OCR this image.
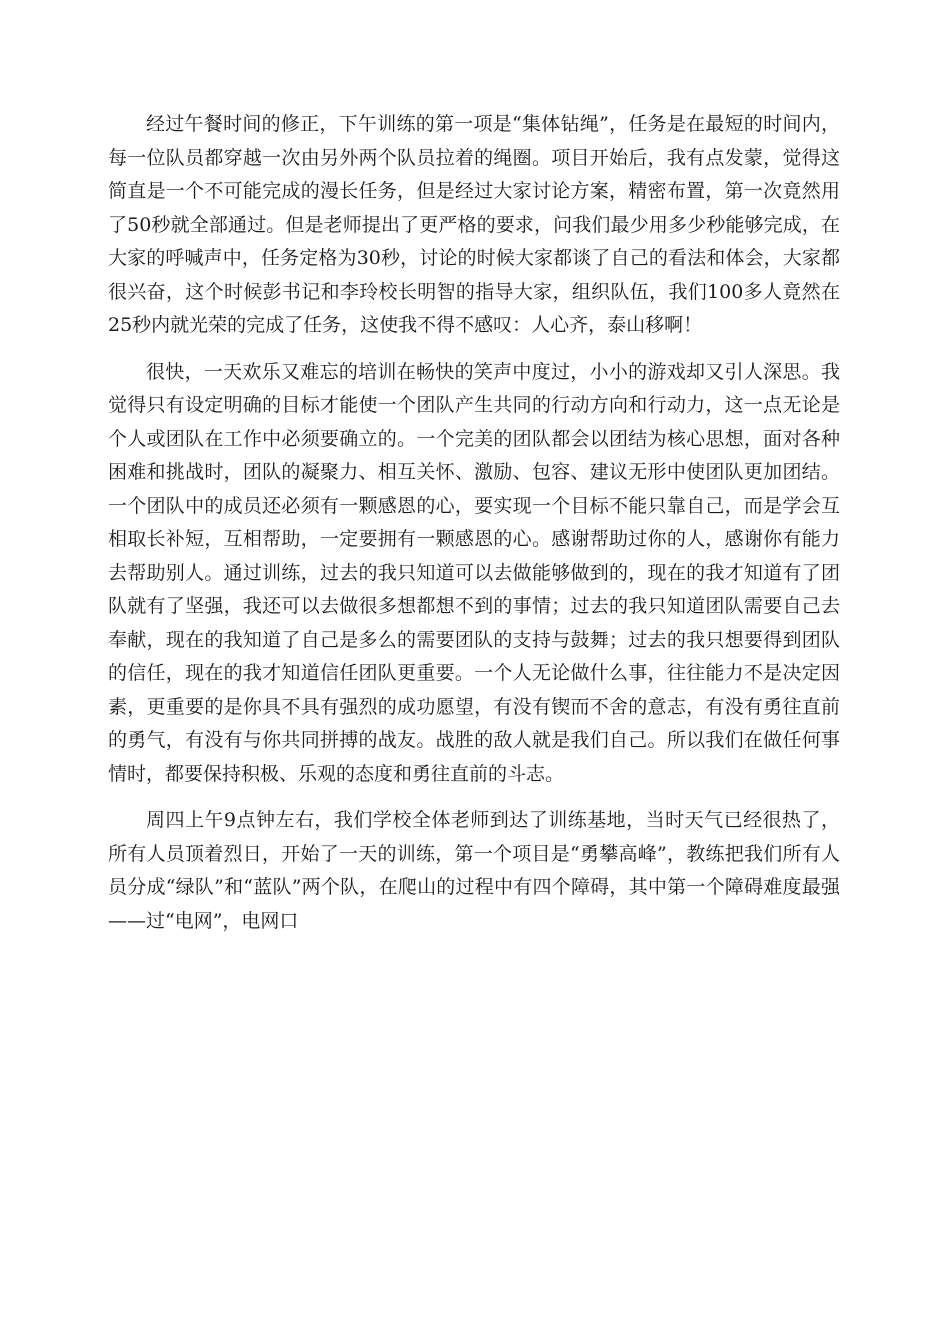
经过午餐时间的修正，下午训练的第一项是“集体钻绳”，任务是在最短的时间内，每一位队员都穿越一次由另外两个队员拉着的绳圈。项目开始后，我有点发蒙，觉得这简直是一个不可能完成的漫长任务，但是经过大家讨论方案，精密布置，第一次竟然用了50秒就全部通过。但是老师提出了更严格的要求，问我们最少用多少秒能够完成，在大家的呼喊声中，任务定格为30秒，讨论的时候大家都谈了自己的看法和体会，大家都很兴奋，这个时候彭书记和李玲校长明智的指导大家，组织队伍，我们100多人竟然在25秒内就光荣的完成了任务，这使我不得不感叹：人心齐，泰山移啊！

很快，一天欢乐又难忘的培训在畅快的笑声中度过，小小的游戏却又引人深思。我觉得只有设定明确的目标才能使一个团队产生共同的行动方向和行动力，这一点无论是个人或团队在工作中必须要确立的。一个完美的团队都会以团结为核心思想，面对各种困难和挑战时，团队的凝聚力、相互关怀、激励、包容、建议无形中使团队更加团结。一个团队中的成员还必须有一颗感恩的心，要实现一个目标不能只靠自己，而是学会互相取长补短，互相帮助，一定要拥有一颗感恩的心。感谢帮助过你的人，感谢你有能力去帮助别人。通过训练，过去的我只知道可以去做能够做到的，现在的我才知道有了团队就有了坚强，我还可以去做很多想都想不到的事情；过去的我只知道团队需要自己去奉献，现在的我知道了自己是多么的需要团队的支持与鼓舞；过去的我只想要得到团队的信任，现在的我才知道信任团队更重要。一个人无论做什么事，往往能力不是决定因素，更重要的是你具不具有强烈的成功愿望，有没有锲而不舍的意志，有没有勇往直前的勇气，有没有与你共同拼搏的战友。战胜的敌人就是我们自己。所以我们在做任何事情时，都要保持积极、乐观的态度和勇往直前的斗志。

周四上午9点钟左右，我们学校全体老师到达了训练基地，当时天气已经很热了，所有人员顶着烈日，开始了一天的训练，第一个项目是“勇攀高峰”，教练把我们所有人员分成“绿队”和“蓝队”两个队，在爬山的过程中有四个障碍，其中第一个障碍难度最强——过“电网”，电网口
